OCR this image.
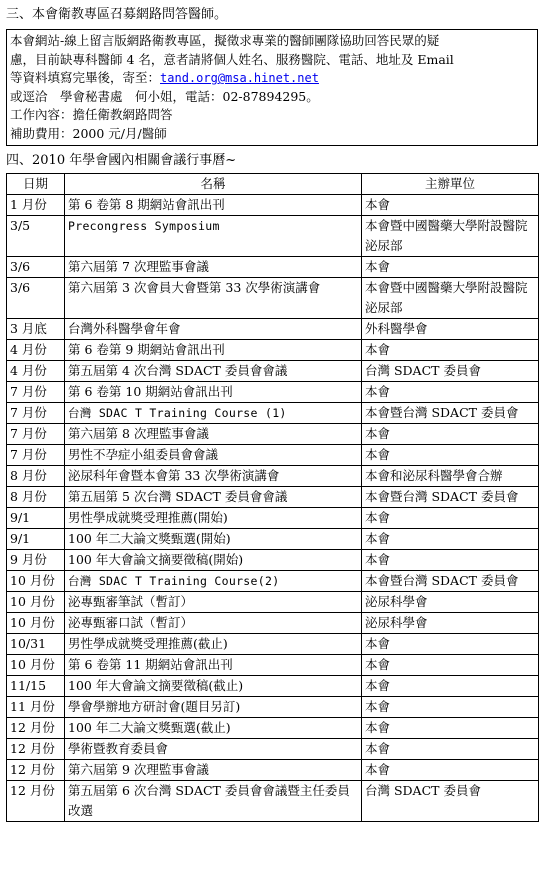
三、本會衛教專區召募網路問答醫師。
本會網站-線上留言版網路衛教專區，擬徵求專業的醫師團隊協助回答民眾的疑
慮，目前缺專科醫師 4 名，意者請將個人姓名、服務醫院、電話、地址及 Email
等資料填寫完畢後，寄至：tand.org@msa.hinet.net
或逕洽　學會秘書處　何小姐，電話：02-87894295。
工作內容：擔任衛教網路問答
補助費用：2000 元/月/醫師
四、2010 年學會國內相關會議行事曆~
日期	名稱	主辦單位
1 月份	第 6 卷第 8 期網站會訊出刊	本會
3/5	Precongress Symposium	本會暨中國醫藥大學附設醫院泌尿部
3/6	第六屆第 7 次理監事會議	本會
3/6	第六屆第 3 次會員大會暨第 33 次學術演講會	本會暨中國醫藥大學附設醫院泌尿部
3 月底	台灣外科醫學會年會	外科醫學會
4 月份	第 6 卷第 9 期網站會訊出刊	本會
4 月份	第五屆第 4 次台灣 SDACT 委員會會議	台灣 SDACT 委員會
7 月份	第 6 卷第 10 期網站會訊出刊	本會
7 月份	台灣 SDAC T Training Course (1)	本會暨台灣 SDACT 委員會
7 月份	第六屆第 8 次理監事會議	本會
7 月份	男性不孕症小組委員會會議	本會
8 月份	泌尿科年會暨本會第 33 次學術演講會	本會和泌尿科醫學會合辦
8 月份	第五屆第 5 次台灣 SDACT 委員會會議	本會暨台灣 SDACT 委員會
9/1	男性學成就獎受理推薦(開始)	本會
9/1	100 年二大論文獎甄選(開始)	本會
9 月份	100 年大會論文摘要徵稿(開始)	本會
10 月份	台灣 SDAC T Training Course(2)	本會暨台灣 SDACT 委員會
10 月份	泌專甄審筆試（暫訂）	泌尿科學會
10 月份	泌專甄審口試（暫訂）	泌尿科學會
10/31	男性學成就獎受理推薦(截止)	本會
10 月份	第 6 卷第 11 期網站會訊出刊	本會
11/15	100 年大會論文摘要徵稿(截止)	本會
11 月份	學會學辦地方研討會(題目另訂)	本會
12 月份	100 年二大論文獎甄選(截止)	本會
12 月份	學術暨教育委員會	本會
12 月份	第六屆第 9 次理監事會議	本會
12 月份	第五屆第 6 次台灣 SDACT 委員會會議暨主任委員改選	台灣 SDACT 委員會
